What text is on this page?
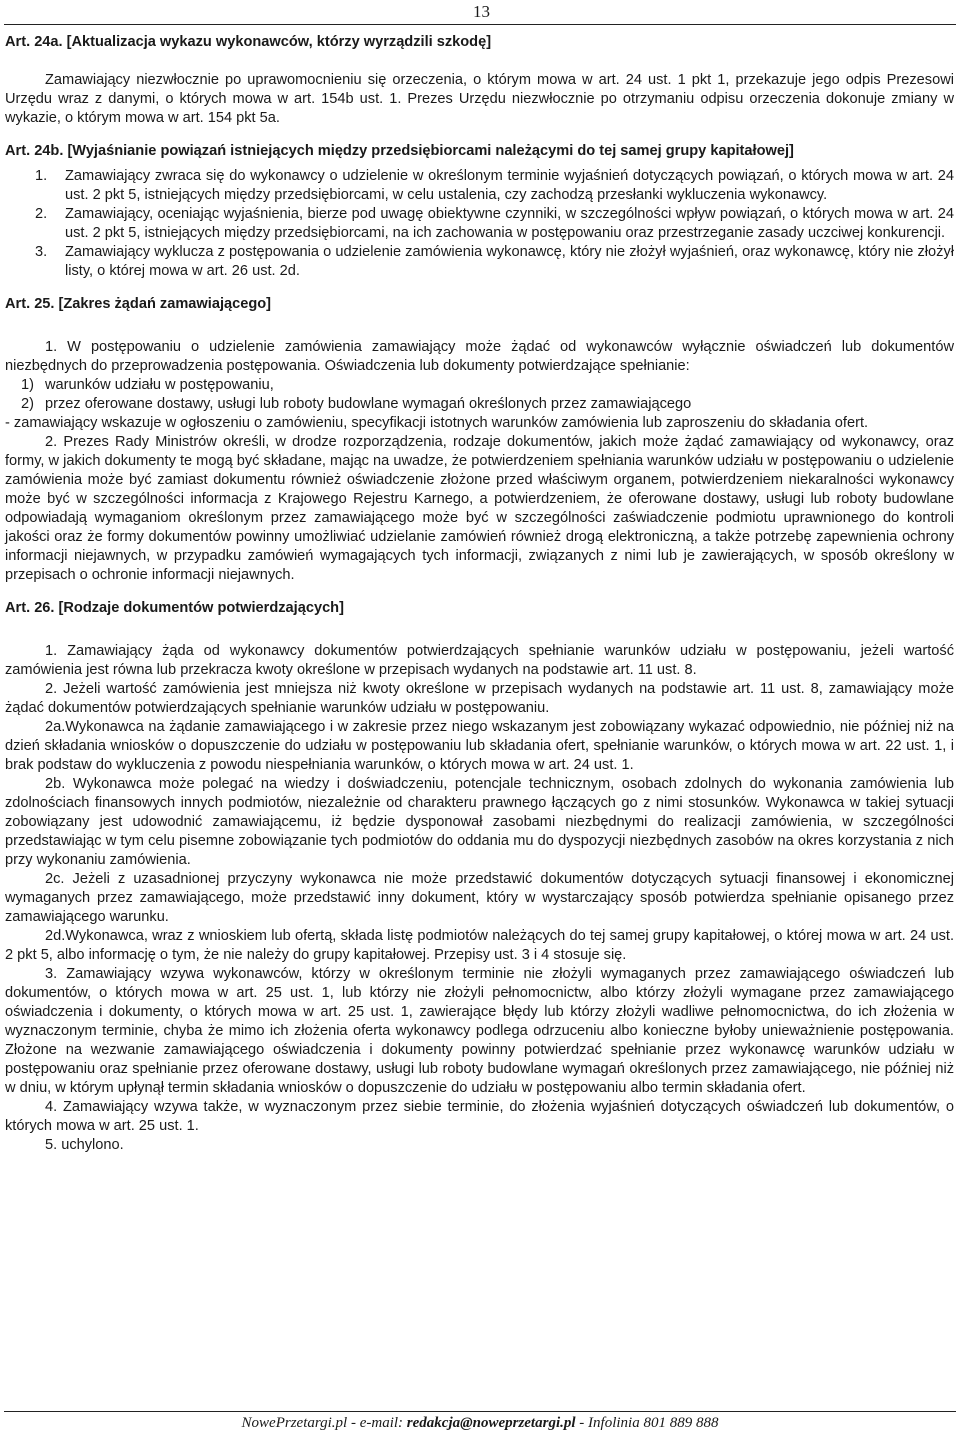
13

Art. 24a. [Aktualizacja wykazu wykonawców, którzy wyrządzili szkodę]

Zamawiający niezwłocznie po uprawomocnieniu się orzeczenia, o którym mowa w art. 24 ust. 1 pkt 1, przekazuje jego odpis Prezesowi Urzędu wraz z danymi, o których mowa w art. 154b ust. 1. Prezes Urzędu niezwłocznie po otrzymaniu odpisu orzeczenia dokonuje zmiany w wykazie, o którym mowa w art. 154 pkt 5a.

Art. 24b. [Wyjaśnianie powiązań istniejących między przedsiębiorcami należącymi do tej samej grupy kapitałowej]

1.	Zamawiający zwraca się do wykonawcy o udzielenie w określonym terminie wyjaśnień dotyczących powiązań, o których mowa w art. 24 ust. 2 pkt 5, istniejących między przedsiębiorcami, w celu ustalenia, czy zachodzą przesłanki wykluczenia wykonawcy.
2.	Zamawiający, oceniając wyjaśnienia, bierze pod uwagę obiektywne czynniki, w szczególności wpływ powiązań, o których mowa w art. 24 ust. 2 pkt 5, istniejących między przedsiębiorcami, na ich zachowania w postępowaniu oraz przestrzeganie zasady uczciwej konkurencji.
3.	Zamawiający wyklucza z postępowania o udzielenie zamówienia wykonawcę, który nie złożył wyjaśnień, oraz wykonawcę, który nie złożył listy, o której mowa w art. 26 ust. 2d.

Art. 25. [Zakres żądań zamawiającego]

1. W postępowaniu o udzielenie zamówienia zamawiający może żądać od wykonawców wyłącznie oświadczeń lub dokumentów niezbędnych do przeprowadzenia postępowania. Oświadczenia lub dokumenty potwierdzające spełnianie:

1) warunków udziału w postępowaniu,
2) przez oferowane dostawy, usługi lub roboty budowlane wymagań określonych przez zamawiającego

- zamawiający wskazuje w ogłoszeniu o zamówieniu, specyfikacji istotnych warunków zamówienia lub zaproszeniu do składania ofert.

2. Prezes Rady Ministrów określi, w drodze rozporządzenia, rodzaje dokumentów, jakich może żądać zamawiający od wykonawcy, oraz formy, w jakich dokumenty te mogą być składane, mając na uwadze, że potwierdzeniem spełniania warunków udziału w postępowaniu o udzielenie zamówienia może być zamiast dokumentu również oświadczenie złożone przed właściwym organem, potwierdzeniem niekaralności wykonawcy może być w szczególności informacja z Krajowego Rejestru Karnego, a potwierdzeniem, że oferowane dostawy, usługi lub roboty budowlane odpowiadają wymaganiom określonym przez zamawiającego może być w szczególności zaświadczenie podmiotu uprawnionego do kontroli jakości oraz że formy dokumentów powinny umożliwiać udzielanie zamówień również drogą elektroniczną, a także potrzebę zapewnienia ochrony informacji niejawnych, w przypadku zamówień wymagających tych informacji, związanych z nimi lub je zawierających, w sposób określony w przepisach o ochronie informacji niejawnych.

Art. 26. [Rodzaje dokumentów potwierdzających]

1. Zamawiający żąda od wykonawcy dokumentów potwierdzających spełnianie warunków udziału w postępowaniu, jeżeli wartość zamówienia jest równa lub przekracza kwoty określone w przepisach wydanych na podstawie art. 11 ust. 8.

2. Jeżeli wartość zamówienia jest mniejsza niż kwoty określone w przepisach wydanych na podstawie art. 11 ust. 8, zamawiający może żądać dokumentów potwierdzających spełnianie warunków udziału w postępowaniu.

2a.Wykonawca na żądanie zamawiającego i w zakresie przez niego wskazanym jest zobowiązany wykazać odpowiednio, nie później niż na dzień składania wniosków o dopuszczenie do udziału w postępowaniu lub składania ofert, spełnianie warunków, o których mowa w art. 22 ust. 1, i brak podstaw do wykluczenia z powodu niespełniania warunków, o których mowa w art. 24 ust. 1.

2b. Wykonawca może polegać na wiedzy i doświadczeniu, potencjale technicznym, osobach zdolnych do wykonania zamówienia lub zdolnościach finansowych innych podmiotów, niezależnie od charakteru prawnego łączących go z nimi stosunków. Wykonawca w takiej sytuacji zobowiązany jest udowodnić zamawiającemu, iż będzie dysponował zasobami niezbędnymi do realizacji zamówienia, w szczególności przedstawiając w tym celu pisemne zobowiązanie tych podmiotów do oddania mu do dyspozycji niezbędnych zasobów na okres korzystania z nich przy wykonaniu zamówienia.

2c. Jeżeli z uzasadnionej przyczyny wykonawca nie może przedstawić dokumentów dotyczących sytuacji finansowej i ekonomicznej wymaganych przez zamawiającego, może przedstawić inny dokument, który w wystarczający sposób potwierdza spełnianie opisanego przez zamawiającego warunku.

2d.Wykonawca, wraz z wnioskiem lub ofertą, składa listę podmiotów należących do tej samej grupy kapitałowej, o której mowa w art. 24 ust. 2 pkt 5, albo informację o tym, że nie należy do grupy kapitałowej. Przepisy ust. 3 i 4 stosuje się.

3. Zamawiający wzywa wykonawców, którzy w określonym terminie nie złożyli wymaganych przez zamawiającego oświadczeń lub dokumentów, o których mowa w art. 25 ust. 1, lub którzy nie złożyli pełnomocnictw, albo którzy złożyli wymagane przez zamawiającego oświadczenia i dokumenty, o których mowa w art. 25 ust. 1, zawierające błędy lub którzy złożyli wadliwe pełnomocnictwa, do ich złożenia w wyznaczonym terminie, chyba że mimo ich złożenia oferta wykonawcy podlega odrzuceniu albo konieczne byłoby unieważnienie postępowania. Złożone na wezwanie zamawiającego oświadczenia i dokumenty powinny potwierdzać spełnianie przez wykonawcę warunków udziału w postępowaniu oraz spełnianie przez oferowane dostawy, usługi lub roboty budowlane wymagań określonych przez zamawiającego, nie później niż w dniu, w którym upłynął termin składania wniosków o dopuszczenie do udziału w postępowaniu albo termin składania ofert.

4. Zamawiający wzywa także, w wyznaczonym przez siebie terminie, do złożenia wyjaśnień dotyczących oświadczeń lub dokumentów, o których mowa w art. 25 ust. 1.

5. uchylono.

NowePrzetargi.pl - e-mail: redakcja@noweprzetargi.pl - Infolinia 801 889 888
